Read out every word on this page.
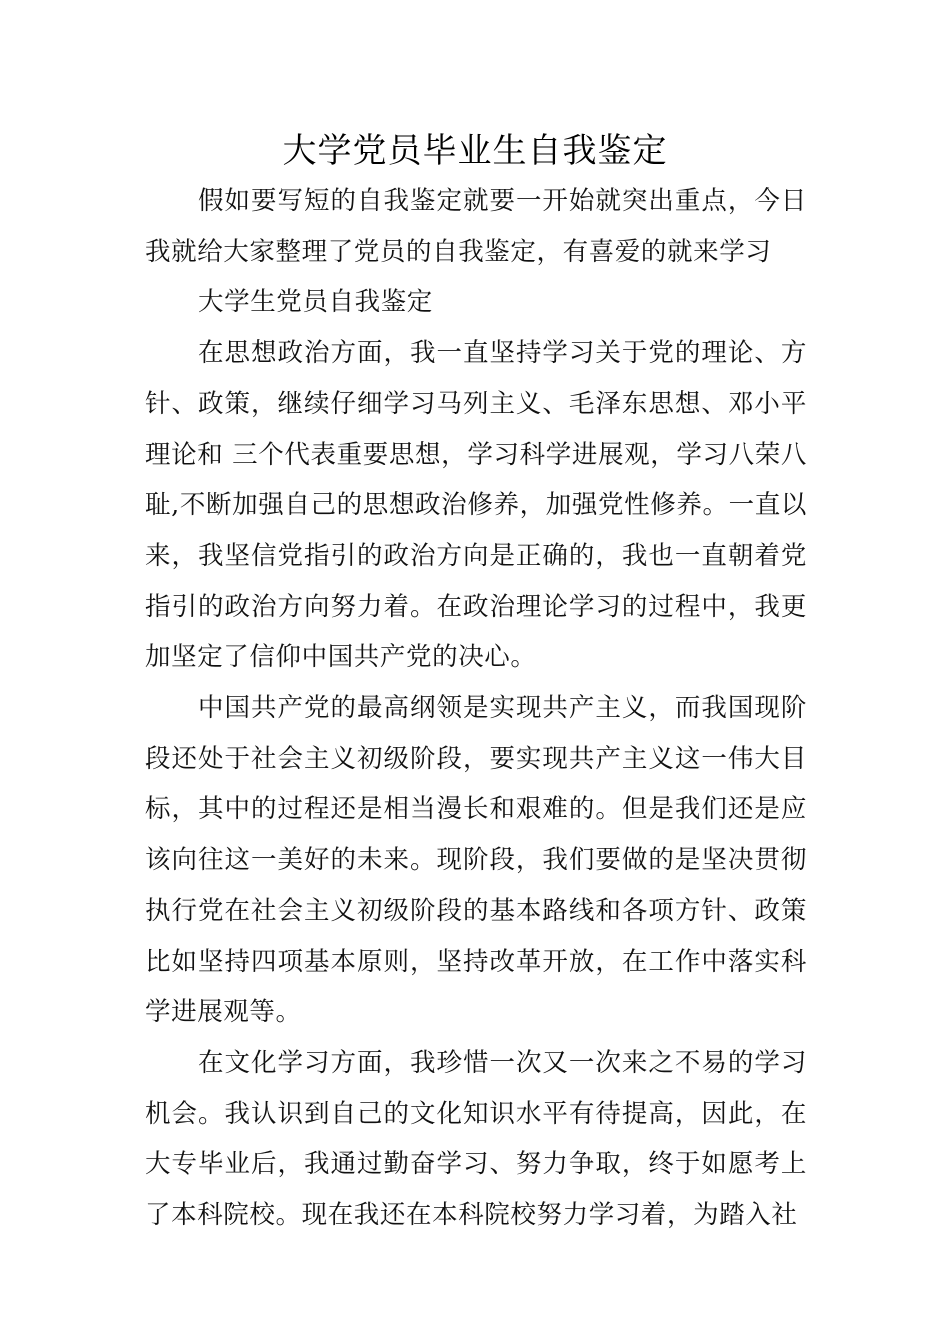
大学党员毕业生自我鉴定

假如要写短的自我鉴定就要一开始就突出重点，今日我就给大家整理了党员的自我鉴定，有喜爱的就来学习

大学生党员自我鉴定

在思想政治方面，我一直坚持学习关于党的理论、方针、政策，继续仔细学习马列主义、毛泽东思想、邓小平理论和 三个代表重要思想，学习科学进展观，学习八荣八耻,不断加强自己的思想政治修养，加强党性修养。一直以来，我坚信党指引的政治方向是正确的，我也一直朝着党指引的政治方向努力着。在政治理论学习的过程中，我更加坚定了信仰中国共产党的决心。

中国共产党的最高纲领是实现共产主义，而我国现阶段还处于社会主义初级阶段，要实现共产主义这一伟大目标，其中的过程还是相当漫长和艰难的。但是我们还是应该向往这一美好的未来。现阶段，我们要做的是坚决贯彻执行党在社会主义初级阶段的基本路线和各项方针、政策比如坚持四项基本原则，坚持改革开放，在工作中落实科学进展观等。

在文化学习方面，我珍惜一次又一次来之不易的学习机会。我认识到自己的文化知识水平有待提高，因此，在大专毕业后，我通过勤奋学习、努力争取，终于如愿考上了本科院校。现在我还在本科院校努力学习着，为踏入社
